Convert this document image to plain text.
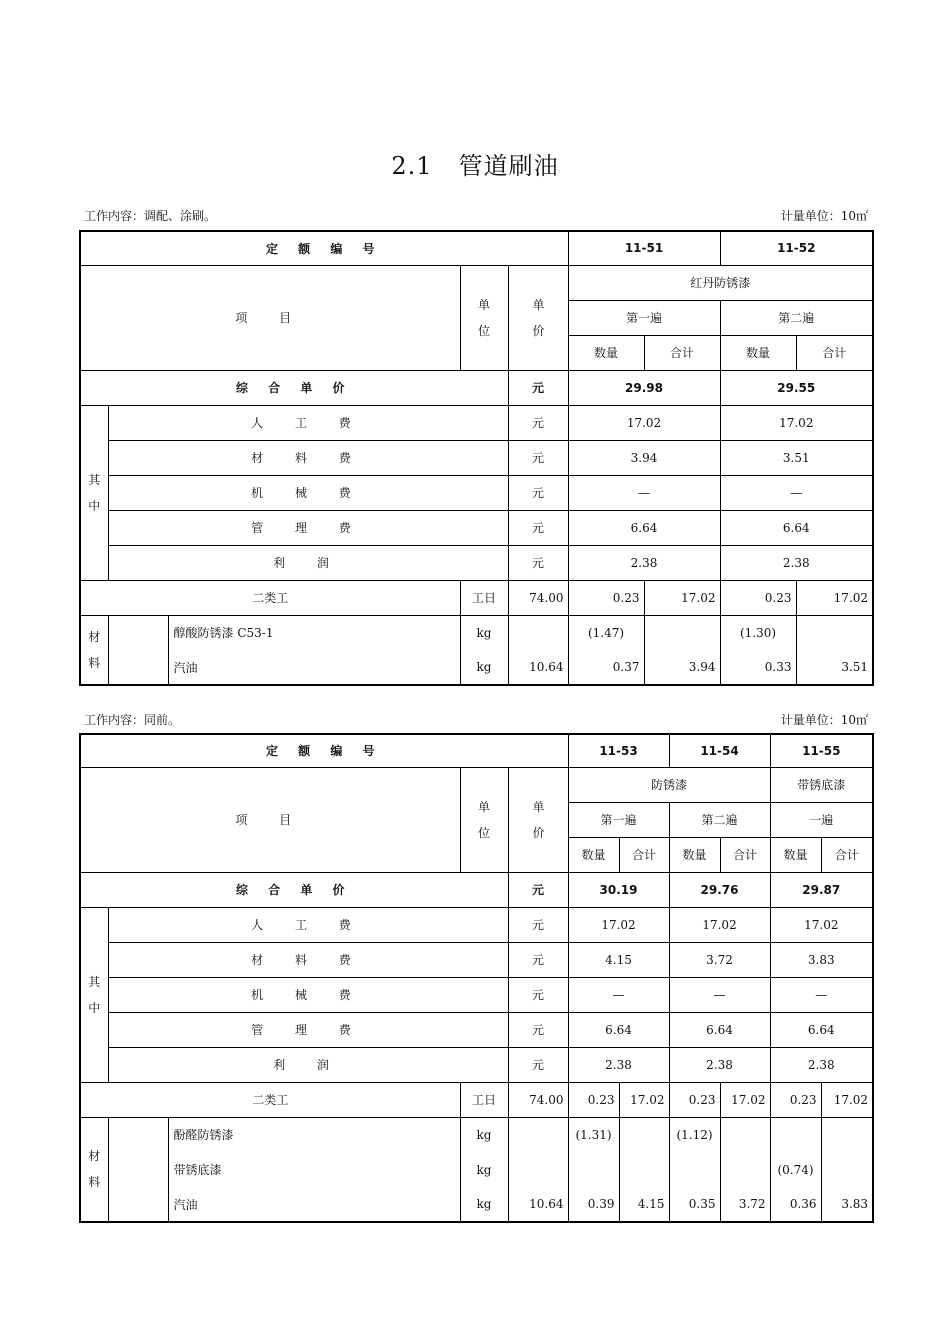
2.1 管道刷油
工作内容：调配、涂刷。	计量单位：10㎡
定 额 编 号					11-51		11-52	
项 目			单位	单价	红丹防锈漆			
					第一遍		第二遍	
					数量	合计	数量	合计
综 合 单 价				元	29.98		29.55	
其中	人 工 费			元	17.02		17.02	
	材 料 费			元	3.94		3.51	
	机 械 费			元	—		—	
	管 理 费			元	6.64		6.64	
	利 润			元	2.38		2.38	
二类工			工日	74.00	0.23	17.02	0.23	17.02
材料		醇酸防锈漆 C53-1	kg		(1.47)		(1.30)	
		汽油	kg	10.64	0.37	3.94	0.33	3.51
工作内容：同前。	计量单位：10㎡
定 额 编 号					11-53		11-54		11-55	
项 目			单位	单价	防锈漆				带锈底漆	
					第一遍		第二遍		一遍	
					数量	合计	数量	合计	数量	合计
综 合 单 价				元	30.19		29.76		29.87	
其中	人 工 费			元	17.02		17.02		17.02	
	材 料 费			元	4.15		3.72		3.83	
	机 械 费			元	—		—		—	
	管 理 费			元	6.64		6.64		6.64	
	利 润			元	2.38		2.38		2.38	
二类工			工日	74.00	0.23	17.02	0.23	17.02	0.23	17.02
材料		酚醛防锈漆	kg		(1.31)		(1.12)			
		带锈底漆	kg						(0.74)	
		汽油	kg	10.64	0.39	4.15	0.35	3.72	0.36	3.83
